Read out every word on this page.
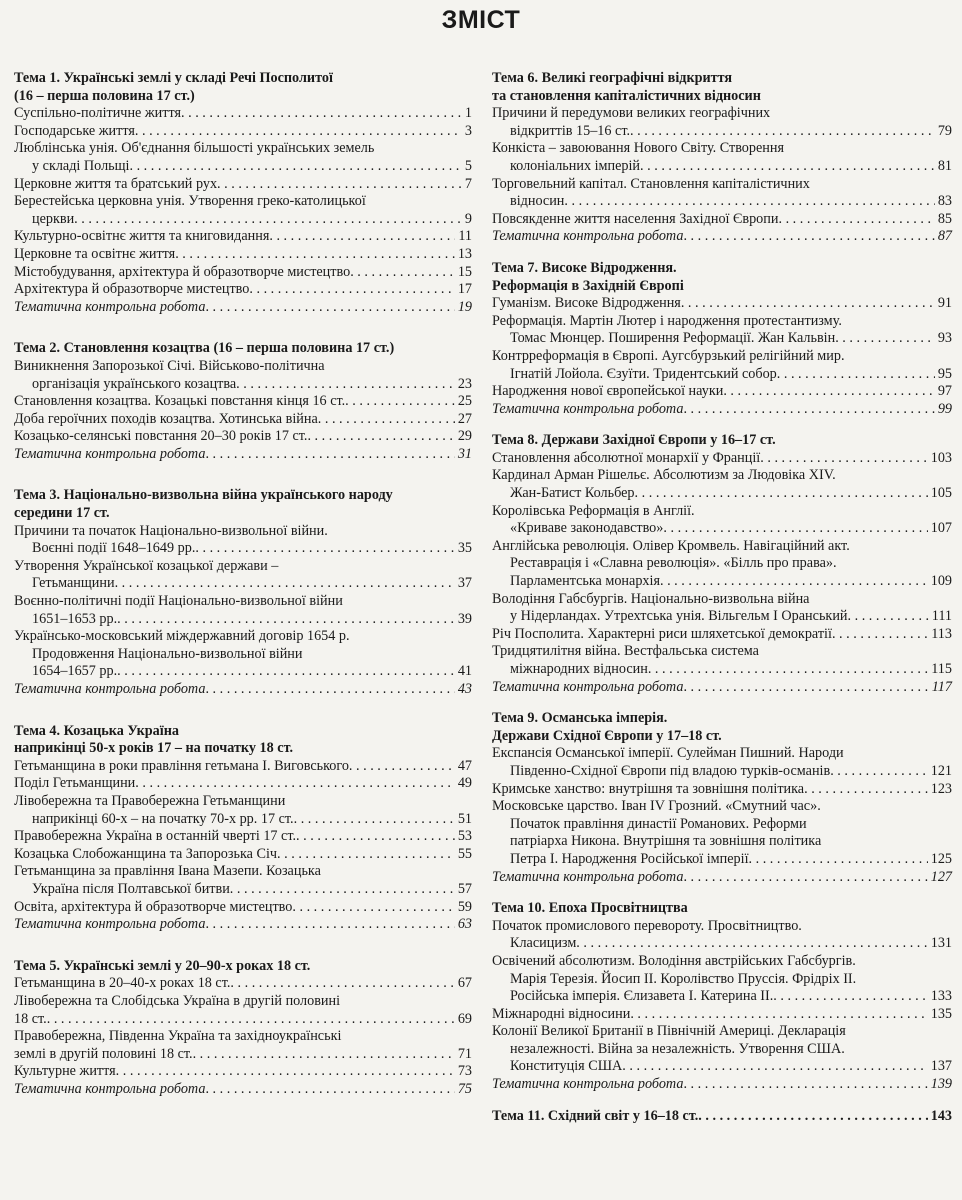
ЗМІСТ
Тема 1. Українські землі у складі Речі Посполитої
(16 – перша половина 17 ст.)
Суспільно-політичне життя . . .	1
Господарське життя . . .	3
Люблінська унія. Об'єднання більшості українських земель
у складі Польщі . . .	5
Церковне життя та братський рух . . .	7
Берестейська церковна унія. Утворення греко-католицької
церкви . . .	9
Культурно-освітнє життя та книговидання . . .	11
Церковне та освітнє життя . . .	13
Містобудування, архітектура й образотворче мистецтво . . .	15
Архітектура й образотворче мистецтво . . .	17
Тематична контрольна робота . . .	19
Тема 2. Становлення козацтва (16 – перша половина 17 ст.)
Виникнення Запорозької Січі. Військово-політична
організація українського козацтва . . .	23
Становлення козацтва. Козацькі повстання кінця 16 ст. . . .	25
Доба героїчних походів козацтва. Хотинська війна . . .	27
Козацько-селянські повстання 20–30 років 17 ст. . . .	29
Тематична контрольна робота . . .	31
Тема 3. Національно-визвольна війна українського народу
середини 17 ст.
Причини та початок Національно-визвольної війни.
Воєнні події 1648–1649 рр. . . .	35
Утворення Української козацької держави –
Гетьманщини . . .	37
Воєнно-політичні події Національно-визвольної війни
1651–1653 рр. . . .	39
Українсько-московський міждержавний договір 1654 р.
Продовження Національно-визвольної війни
1654–1657 рр. . . .	41
Тематична контрольна робота . . .	43
Тема 4. Козацька Україна
наприкінці 50-х років 17 – на початку 18 ст.
Гетьманщина в роки правління гетьмана І. Виговського . . .	47
Поділ Гетьманщини . . .	49
Лівобережна та Правобережна Гетьманщини
наприкінці 60-х – на початку 70-х рр. 17 ст. . . .	51
Правобережна Україна в останній чверті 17 ст. . . .	53
Козацька Слобожанщина та Запорозька Січ . . .	55
Гетьманщина за правління Івана Мазепи. Козацька
Україна після Полтавської битви . . .	57
Освіта, архітектура й образотворче мистецтво . . .	59
Тематична контрольна робота . . .	63
Тема 5. Українські землі у 20–90-х роках 18 ст.
Гетьманщина в 20–40-х роках 18 ст. . . .	67
Лівобережна та Слобідська Україна в другій половині
18 ст. . . .	69
Правобережна, Південна Україна та західноукраїнські
землі в другій половині 18 ст. . . .	71
Культурне життя . . .	73
Тематична контрольна робота . . .	75
Тема 6. Великі географічні відкриття
та становлення капіталістичних відносин
Причини й передумови великих географічних
відкриттів 15–16 ст. . . .	79
Конкіста – завоювання Нового Світу. Створення
колоніальних імперій . . .	81
Торговельний капітал. Становлення капіталістичних
відносин . . .	83
Повсякденне життя населення Західної Європи . . .	85
Тематична контрольна робота . . .	87
Тема 7. Високе Відродження.
Реформація в Західній Європі
Гуманізм. Високе Відродження . . .	91
Реформація. Мартін Лютер і народження протестантизму.
Томас Мюнцер. Поширення Реформації. Жан Кальвін . . .	93
Контрреформація в Європі. Аугсбурзький релігійний мир.
Ігнатій Лойола. Єзуїти. Тридентський собор . . .	95
Народження нової європейської науки . . .	97
Тематична контрольна робота . . .	99
Тема 8. Держави Західної Європи у 16–17 ст.
Становлення абсолютної монархії у Франції . . .	103
Кардинал Арман Рішельє. Абсолютизм за Людовіка XIV.
Жан-Батист Кольбер . . .	105
Королівська Реформація в Англії.
«Криваве законодавство» . . .	107
Англійська революція. Олівер Кромвель. Навігаційний акт.
Реставрація і «Славна революція». «Білль про права».
Парламентська монархія . . .	109
Володіння Габсбургів. Національно-визвольна війна
у Нідерландах. Утрехтська унія. Вільгельм І Оранський . . .	111
Річ Посполита. Характерні риси шляхетської демократії . . .	113
Тридцятилітня війна. Вестфальська система
міжнародних відносин . . .	115
Тематична контрольна робота . . .	117
Тема 9. Османська імперія.
Держави Східної Європи у 17–18 ст.
Експансія Османської імперії. Сулейман Пишний. Народи
Південно-Східної Європи під владою турків-османів . . .	121
Кримське ханство: внутрішня та зовнішня політика . . .	123
Московське царство. Іван IV Грозний. «Смутний час».
Початок правління династії Романових. Реформи
патріарха Никона. Внутрішня та зовнішня політика
Петра І. Народження Російської імперії . . .	125
Тематична контрольна робота . . .	127
Тема 10. Епоха Просвітництва
Початок промислового перевороту. Просвітництво.
Класицизм . . .	131
Освічений абсолютизм. Володіння австрійських Габсбургів.
Марія Терезія. Йосип II. Королівство Пруссія. Фрідріх II.
Російська імперія. Єлизавета І. Катерина II. . . .	133
Міжнародні відносини . . .	135
Колонії Великої Британії в Північній Америці. Декларація
незалежності. Війна за незалежність. Утворення США.
Конституція США . . .	137
Тематична контрольна робота . . .	139
Тема 11. Східний світ у 16–18 ст. . . .	143
